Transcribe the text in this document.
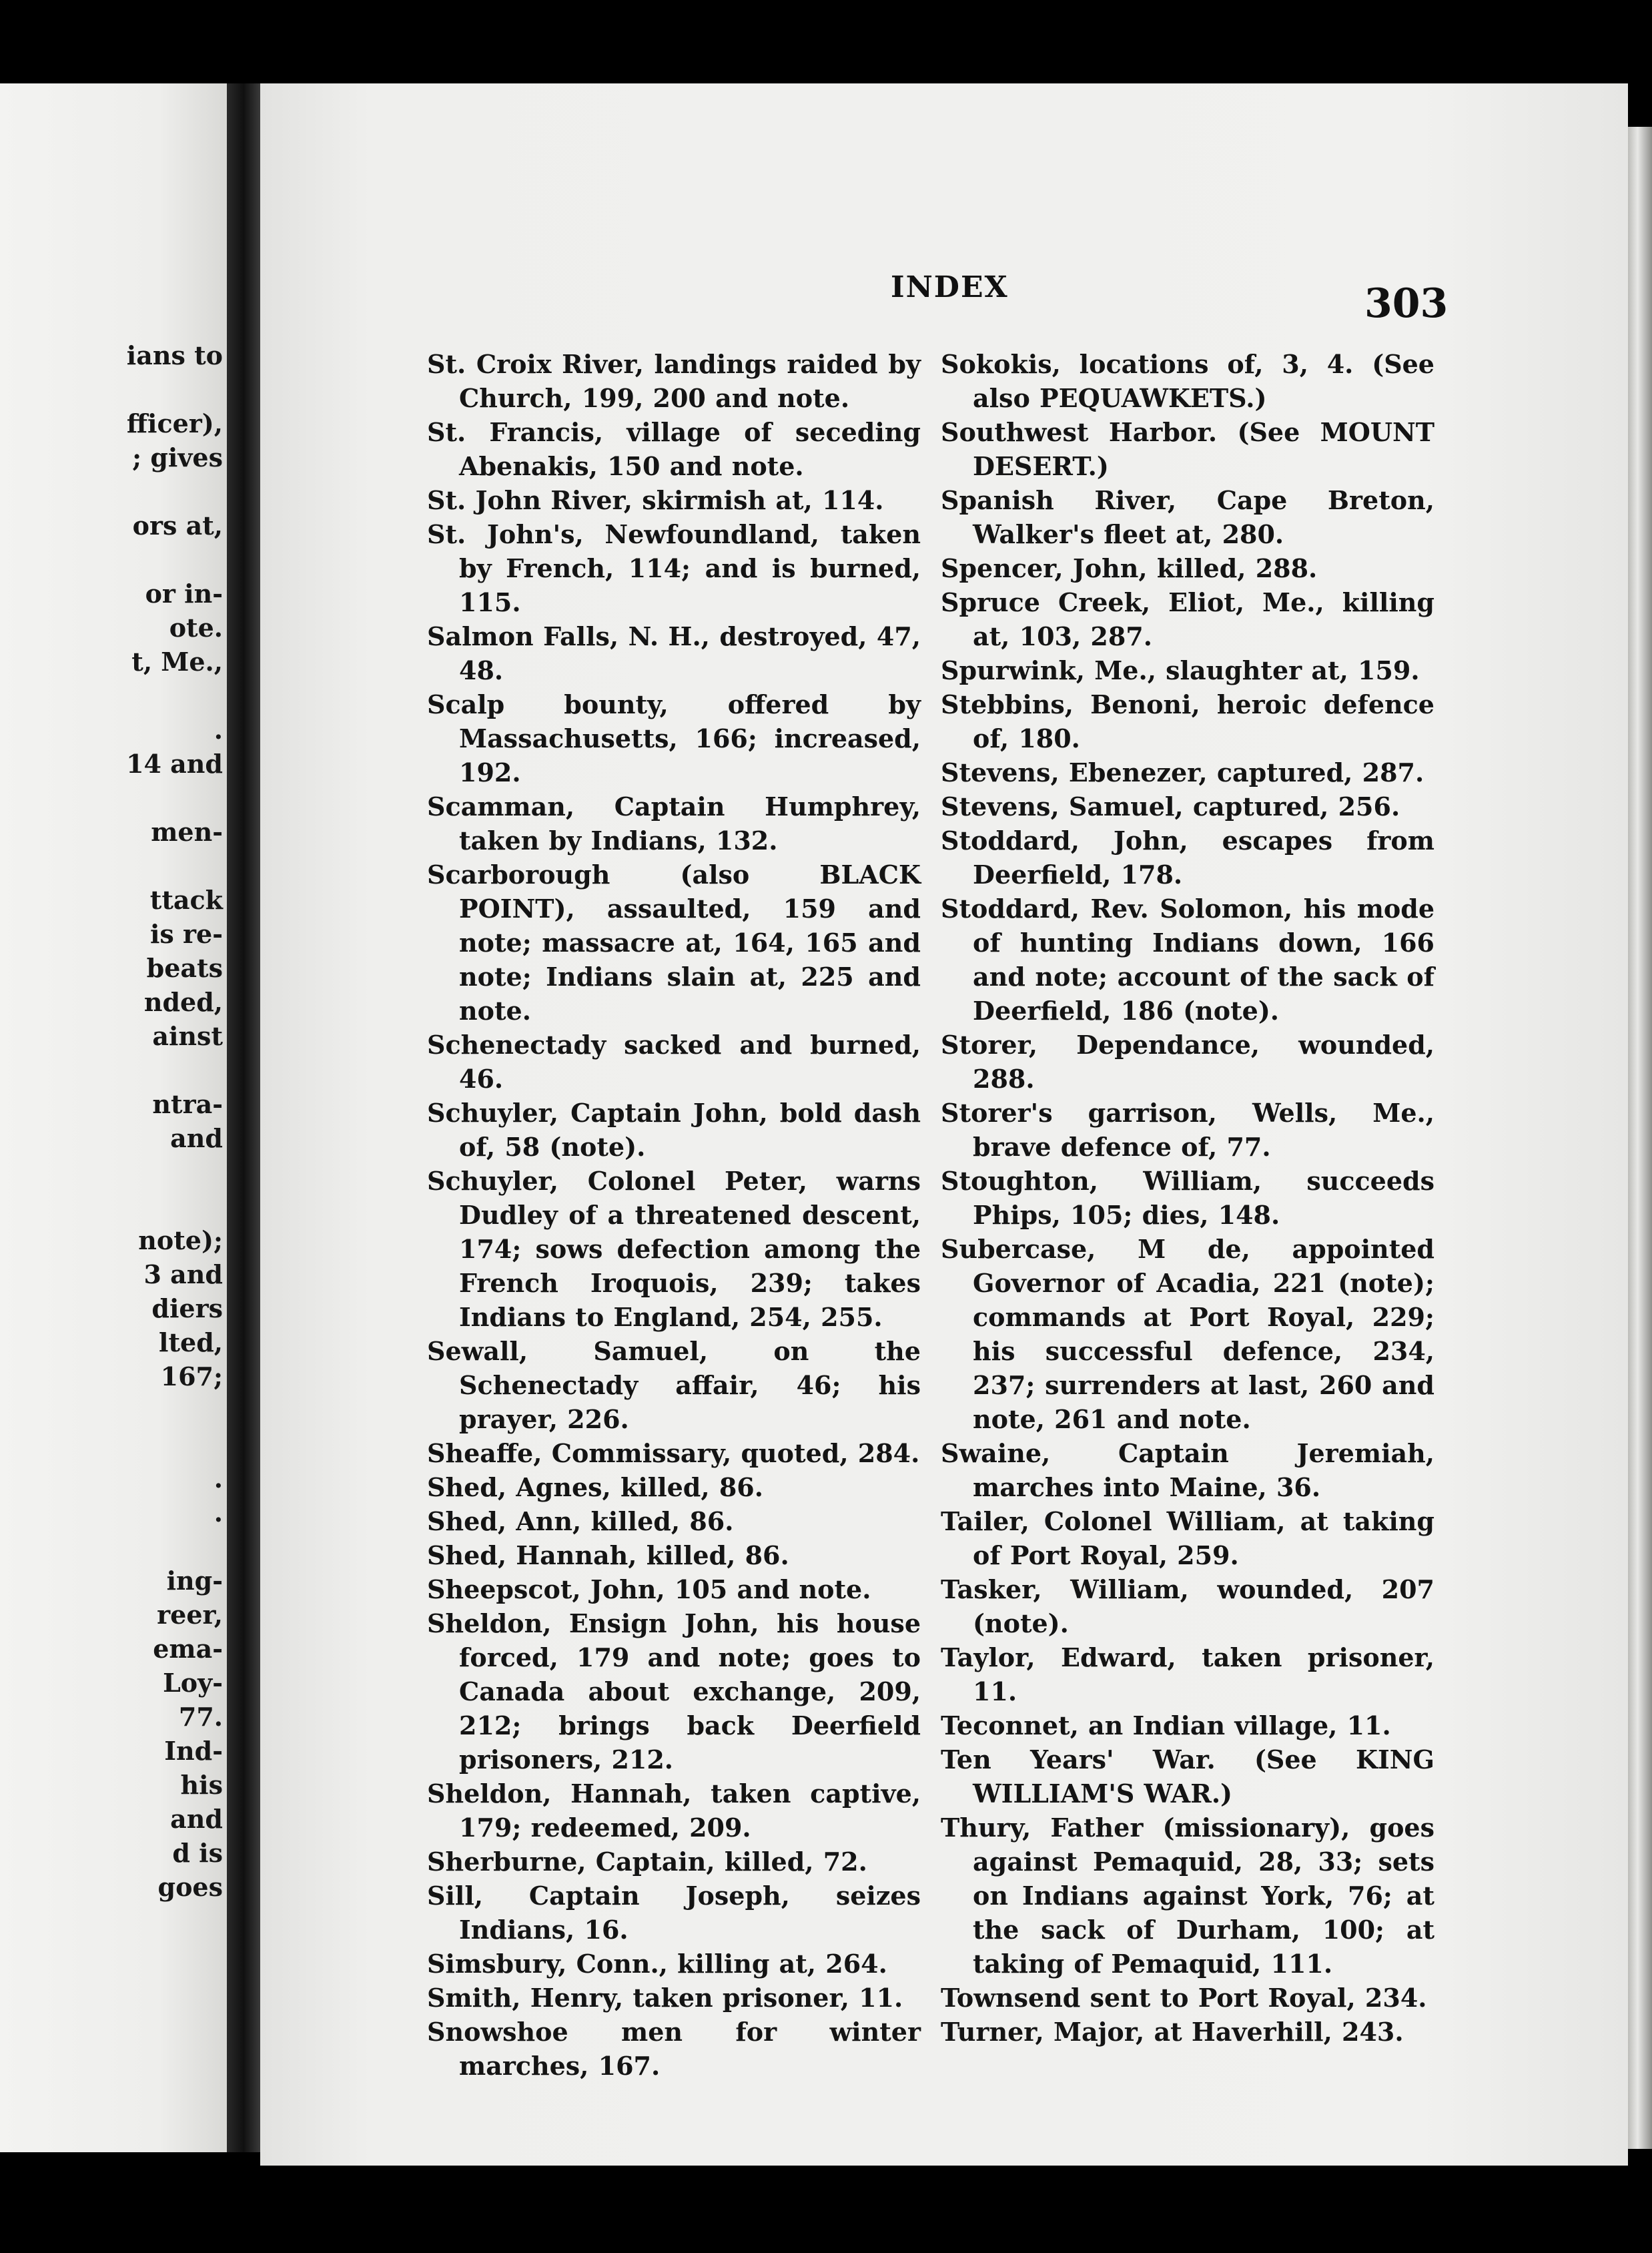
ians to
fficer),
; gives
ors at,
or in-
ote.
t, Me.,
.
14 and
men-
ttack
is re-
beats
nded,
ainst
ntra-
and
note);
3 and
diers
lted,
167;
.
.
ing-
reer,
ema-
Loy-
77.
Ind-
his
and
d is
goes
INDEX	303
St. Croix River, landings raided by Church, 199, 200 and note.
St. Francis, village of seceding Abenakis, 150 and note.
St. John River, skirmish at, 114.
St. John's, Newfoundland, taken by French, 114; and is burned, 115.
Salmon Falls, N. H., destroyed, 47, 48.
Scalp bounty, offered by Massachusetts, 166; increased, 192.
Scamman, Captain Humphrey, taken by Indians, 132.
Scarborough (also BLACK POINT), assaulted, 159 and note; massacre at, 164, 165 and note; Indians slain at, 225 and note.
Schenectady sacked and burned, 46.
Schuyler, Captain John, bold dash of, 58 (note).
Schuyler, Colonel Peter, warns Dudley of a threatened descent, 174; sows defection among the French Iroquois, 239; takes Indians to England, 254, 255.
Sewall, Samuel, on the Schenectady affair, 46; his prayer, 226.
Sheaffe, Commissary, quoted, 284.
Shed, Agnes, killed, 86.
Shed, Ann, killed, 86.
Shed, Hannah, killed, 86.
Sheepscot, John, 105 and note.
Sheldon, Ensign John, his house forced, 179 and note; goes to Canada about exchange, 209, 212; brings back Deerfield prisoners, 212.
Sheldon, Hannah, taken captive, 179; redeemed, 209.
Sherburne, Captain, killed, 72.
Sill, Captain Joseph, seizes Indians, 16.
Simsbury, Conn., killing at, 264.
Smith, Henry, taken prisoner, 11.
Snowshoe men for winter marches, 167.
Sokokis, locations of, 3, 4. (See also PEQUAWKETS.)
Southwest Harbor. (See MOUNT DESERT.)
Spanish River, Cape Breton, Walker's fleet at, 280.
Spencer, John, killed, 288.
Spruce Creek, Eliot, Me., killing at, 103, 287.
Spurwink, Me., slaughter at, 159.
Stebbins, Benoni, heroic defence of, 180.
Stevens, Ebenezer, captured, 287.
Stevens, Samuel, captured, 256.
Stoddard, John, escapes from Deerfield, 178.
Stoddard, Rev. Solomon, his mode of hunting Indians down, 166 and note; account of the sack of Deerfield, 186 (note).
Storer, Dependance, wounded, 288.
Storer's garrison, Wells, Me., brave defence of, 77.
Stoughton, William, succeeds Phips, 105; dies, 148.
Subercase, M de, appointed Governor of Acadia, 221 (note); commands at Port Royal, 229; his successful defence, 234, 237; surrenders at last, 260 and note, 261 and note.
Swaine, Captain Jeremiah, marches into Maine, 36.
Tailer, Colonel William, at taking of Port Royal, 259.
Tasker, William, wounded, 207 (note).
Taylor, Edward, taken prisoner, 11.
Teconnet, an Indian village, 11.
Ten Years' War. (See KING WILLIAM'S WAR.)
Thury, Father (missionary), goes against Pemaquid, 28, 33; sets on Indians against York, 76; at the sack of Durham, 100; at taking of Pemaquid, 111.
Townsend sent to Port Royal, 234.
Turner, Major, at Haverhill, 243.
